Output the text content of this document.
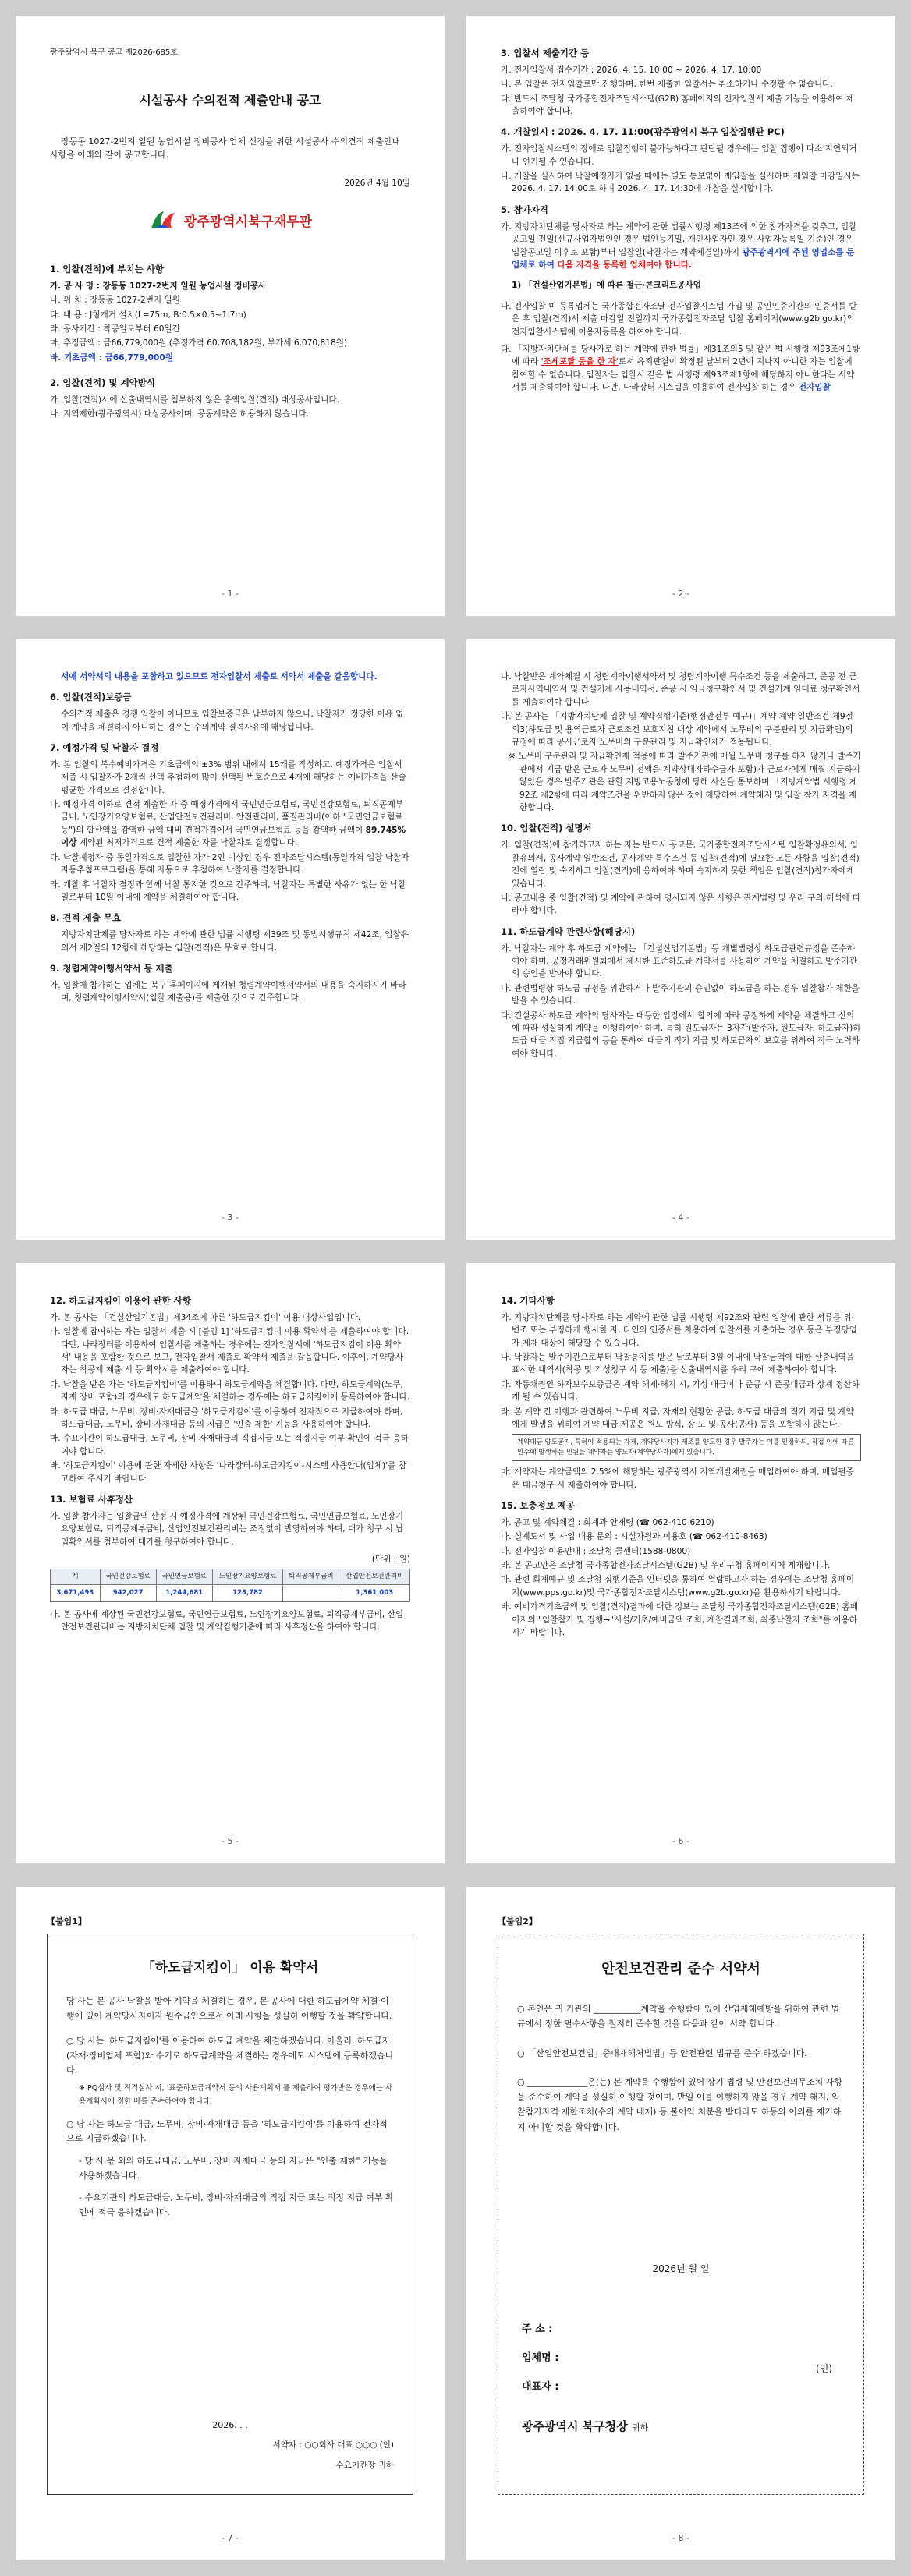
광주광역시 북구 공고 제2026-685호
시설공사 수의견적 제출안내 공고
장등동 1027-2번지 일원 농업시설 정비공사 업체 선정을 위한 시설공사 수의견적 제출안내 사항을 아래와 같이 공고합니다.
2026년 4월 10일
광주광역시북구재무관
1. 입찰(견적)에 부치는 사항
가. 공 사 명 : 장등동 1027-2번지 일원 농업시설 정비공사
나. 위 치 : 장등동 1027-2번지 일원
다. 내 용 : J형개거 설치(L=75m, B:0.5×0.5~1.7m)
라. 공사기간 : 착공일로부터 60일간
마. 추정금액 : 금66,779,000원 (추정가격 60,708,182원, 부가세 6,070,818원)
바. 기초금액 : 금66,779,000원
2. 입찰(견적) 및 계약방식
가. 입찰(견적)서에 산출내역서를 첨부하지 않은 총액입찰(견적) 대상공사입니다.
나. 지역제한(광주광역시) 대상공사이며, 공동계약은 허용하지 않습니다.
- 1 -
3. 입찰서 제출기간 등
가. 전자입찰서 접수기간 : 2026. 4. 15. 10:00 ~ 2026. 4. 17. 10:00
나. 본 입찰은 전자입찰로만 진행하며, 한번 제출한 입찰서는 취소하거나 수정할 수 없습니다.
다. 반드시 조달청 국가종합전자조달시스템(G2B) 홈페이지의 전자입찰서 제출 기능을 이용하여 제출하여야 합니다.
4. 개찰일시 : 2026. 4. 17. 11:00(광주광역시 북구 입찰집행관 PC)
가. 전자입찰시스템의 장애로 입찰집행이 불가능하다고 판단될 경우에는 입찰 집행이 다소 지연되거나 연기될 수 있습니다.
나. 개찰을 실시하여 낙찰예정자가 없을 때에는 별도 통보없이 재입찰을 실시하며 재입찰 마감일시는 2026. 4. 17. 14:00로 하며 2026. 4. 17. 14:30에 개찰을 실시합니다.
5. 참가자격
가. 지방자치단체를 당사자로 하는 계약에 관한 법률시행령 제13조에 의한 참가자격을 갖추고, 입찰공고일 전일(신규사업자법인인 경우 법인등기일, 개인사업자인 경우 사업자등록일 기준)인 경우 입찰공고일 이후로 포함)부터 입찰일(낙찰자는 계약체결일)까지 광주광역시에 주된 영업소를 둔 업체로 하여 다음 자격을 등록한 업체여야 합니다.
1) 「건설산업기본법」에 따른 철근·콘크리트공사업
나. 전자입찰 미 등록업체는 국가종합전자조달 전자입찰시스템 가입 및 공인인증기관의 인증서를 받은 후 입찰(견적)서 제출 마감일 전일까지 국가종합전자조달 입찰 홈페이지(www.g2b.go.kr)의 전자입찰시스템에 이용자등록을 하여야 합니다.
다. 「지방자치단체를 당사자로 하는 계약에 관한 법률」제31조의5 및 같은 법 시행령 제93조제1항에 따라 '조세포탈 등을 한 자'로서 유죄판결이 확정된 날부터 2년이 지나지 아니한 자는 입찰에 참여할 수 없습니다. 입찰자는 입찰시 같은 법 시행령 제93조제1항에 해당하지 아니한다는 서약서를 제출하여야 합니다. 다만, 나라장터 시스템을 이용하여 전자입찰 하는 경우 전자입찰
- 2 -
서에 서약서의 내용을 포함하고 있으므로 전자입찰서 제출로 서약서 제출을 갈음합니다.
6. 입찰(견적)보증금
수의견적 제출은 경쟁 입찰이 아니므로 입찰보증금은 납부하지 않으나, 낙찰자가 정당한 이유 없이 계약을 체결하지 아니하는 경우는 수의계약 결격사유에 해당됩니다.
7. 예정가격 및 낙찰자 결정
가. 본 입찰의 복수예비가격은 기초금액의 ±3% 범위 내에서 15개를 작성하고, 예정가격은 입찰서 제출 시 입찰자가 2개씩 선택 추첨하여 많이 선택된 번호순으로 4개에 해당하는 예비가격을 산술평균한 가격으로 결정합니다.
나. 예정가격 이하로 견적 제출한 자 중 예정가격에서 국민연금보험료, 국민건강보험료, 퇴직공제부금비, 노인장기요양보험료, 산업안전보건관리비, 안전관리비, 품질관리비(이하 "국민연금보험료 등")의 합산액을 감액한 금액 대비 견적가격에서 국민연금보험료 등을 감액한 금액이 89.745%이상 계약된 최저가격으로 견적 제출한 자를 낙찰자로 결정합니다.
다. 낙찰예정자 중 동일가격으로 입찰한 자가 2인 이상인 경우 전자조달시스템(동일가격 입찰 낙찰자 자동추첨프로그램)을 통해 자동으로 추첨하여 낙찰자를 결정합니다.
라. 개찰 후 낙찰자 결정과 함께 낙찰 통지한 것으로 간주하며, 낙찰자는 특별한 사유가 없는 한 낙찰일로부터 10일 이내에 계약을 체결하여야 합니다.
8. 견적 제출 무효
지방자치단체를 당사자로 하는 계약에 관한 법률 시행령 제39조 및 동법시행규칙 제42조, 입찰유의서 제2절의 12항에 해당하는 입찰(견적)은 무효로 합니다.
9. 청렴계약이행서약서 등 제출
가. 입찰에 참가하는 업체는 북구 홈페이지에 게재된 청렴계약이행서약서의 내용을 숙지하시기 바라며, 청렴계약이행서약서(입찰 제출용)를 제출한 것으로 간주합니다.
- 3 -
나. 낙찰받은 계약체결 시 청렴계약이행서약서 및 청렴계약이행 특수조건 등을 제출하고, 준공 전 근로자사역내역서 및 건설기계 사용내역서, 준공 시 임금청구확인서 및 건설기계 임대료 청구확인서를 제출하여야 합니다.
다. 본 공사는 「지방자치단체 입찰 및 계약집행기준(행정안전부 예규)」계약 계약 일반조건 제9절의3(하도급 및 용역근로자 근로조건 보호지침 대상 계약에서 노무비의 구분관리 및 지급확인)의 규정에 따라 공사근로자 노무비의 구분관리 및 지급확인제가 적용됩니다.
※ 노무비 구분관리 및 지급확인제 적용에 따라 발주기관에 매월 노무비 청구를 하지 않거나 발주기관에서 지급 받은 근로자 노무비 전액을 계약상대자하수급자 포함)가 근로자에게 매월 지급하지 않았을 경우 발주기관은 관할 지방고용노동청에 당해 사실을 통보하며 「지방계약법 시행령 제92조 제2항에 따라 계약조건을 위반하지 않은 것에 해당하여 계약해지 및 입찰 참가 자격을 제한합니다.
10. 입찰(견적) 설명서
가. 입찰(견적)에 참가하고자 하는 자는 반드시 공고문, 국가종합전자조달시스템 입찰확정유의서, 입찰유의서, 공사계약 일반조건, 공사계약 특수조건 등 입찰(견적)에 필요한 모든 사항을 입찰(견적)전에 열람 및 숙지하고 입찰(견적)에 응하여야 하며 숙지하지 못한 책임은 입찰(견적)참가자에게 있습니다.
나. 공고내용 중 입찰(견적) 및 계약에 관하여 명시되지 않은 사항은 관계법령 및 우리 구의 해석에 따라야 합니다.
11. 하도급계약 관련사항(해당시)
가. 낙찰자는 계약 후 하도급 계약에는 「건설산업기본법」등 개별법령상 하도급관련규정을 준수하여야 하며, 공정거래위원회에서 제시한 표준하도급 계약서를 사용하여 계약을 체결하고 발주기관의 승인을 받아야 합니다.
나. 관련법령상 하도급 규정을 위반하거나 발주기관의 승인없이 하도급을 하는 경우 입찰참가 제한을 받을 수 있습니다.
다. 건설공사 하도급 계약의 당사자는 대등한 입장에서 합의에 따라 공정하게 계약을 체결하고 신의에 따라 성실하게 계약을 이행하여야 하며, 특히 원도급자는 3자간(발주자, 원도급자, 하도급자)하도급 대금 직접 지급합의 등을 통하여 대금의 적기 지급 및 하도급자의 보호를 위하여 적극 노력하여야 합니다.
- 4 -
12. 하도급지킴이 이용에 관한 사항
가. 본 공사는 「건설산업기본법」제34조에 따른 '하도급지킴이' 이용 대상사업입니다.
나. 입찰에 참여하는 자는 입찰서 제출 시 [붙임 1] '하도급지킴이 이용 확약서'를 제출하여야 합니다. 다만, 나라장터를 이용하여 입찰서를 제출하는 경우에는 전자입찰서에 '하도급지킴이 이용 확약서' 내용을 포함한 것으로 보고, 전자입찰서 제출로 확약서 제출을 갈음합니다. 이후에, 계약당사자는 착공계 제출 시 등 확약서를 제출하여야 합니다.
다. 낙찰을 받은 자는 '하도급지킴이'를 이용하여 하도급계약을 체결합니다. 다만, 하도급계약(노무, 자재 장비 포함)의 경우에도 하도급계약을 체결하는 경우에는 하도급지킴이에 등록하여야 합니다.
라. 하도급 대금, 노무비, 장비·자재대금을 '하도급지킴이'를 이용하여 전자적으로 지급하여야 하며, 하도급대금, 노무비, 장비·자재대금 등의 지급은 '인출 제한' 기능을 사용하여야 합니다.
마. 수요기관이 하도급대금, 노무비, 장비·자재대금의 직접지급 또는 적정지급 여부 확인에 적극 응하여야 합니다.
바. '하도급지킴이' 이용에 관한 자세한 사항은 '나라장터-하도급지킴이-시스템 사용안내(업체)'를 참고하여 주시기 바랍니다.
13. 보험료 사후정산
가. 입찰 참가자는 입찰금액 산정 시 예정가격에 계상된 국민건강보험료, 국민연금보험료, 노인장기요양보험료, 퇴직공제부금비, 산업안전보건관리비는 조정없이 반영하여야 하며, 대가 청구 시 납입확인서를 첨부하여 대가를 청구하여야 합니다.
(단위 : 원)
계	국민건강보험료	국민연금보험료	노인장기요양보험료	퇴직공제부금비	산업안전보건관리비
3,671,493	942,027	1,244,681	123,782		1,361,003
나. 본 공사에 계상된 국민건강보험료, 국민연금보험료, 노인장기요양보험료, 퇴직공제부금비, 산업안전보건관리비는 지방자치단체 입찰 및 계약집행기준에 따라 사후정산을 하여야 합니다.
- 5 -
14. 기타사항
가. 지방자치단체를 당사자로 하는 계약에 관한 법률 시행령 제92조와 관련 입찰에 관한 서류를 위·변조 또는 부정하게 행사한 자, 타인의 인증서를 차용하여 입찰서를 제출하는 경우 등은 부정당업자 제재 대상에 해당할 수 있습니다.
나. 낙찰자는 발주기관으로부터 낙찰통지를 받은 날로부터 3일 이내에 낙찰금액에 대한 산출내역을 표시한 내역서(착공 및 기성청구 시 등 제출)를 산출내역서를 우리 구에 제출하여야 합니다.
다. 자동채권인 하자보수보증금은 계약 해제·해지 시, 기성 대금이나 준공 시 준공대금과 상계 정산하게 될 수 있습니다.
라. 본 계약 건 이행과 관련하여 노무비 지급, 자재의 현황한 공급, 하도급 대금의 적기 지급 및 계약에게 발생을 위하여 계약 대금 제공은 원도 방식, 장·도 및 공사(공사) 등을 포함하지 않는다.
계약대금 양도공지, 특허이 적용되는 자재, 계약당사자가 제조를 양도한 경우 발주자는 이를 인정하되, 직접 이에 따른 인수에 발생하는 민원을 계약자는 양도자(계약당사자)에게 있습니다.
마. 계약자는 계약금액의 2.5%에 해당하는 광주광역시 지역개발채권을 매입하여야 하며, 매입필증은 대금청구 시 제출하여야 합니다.
15. 보충정보 제공
가. 공고 및 계약체결 : 회계과 안재령 (☎ 062-410-6210)
나. 설계도서 및 사업 내용 문의 : 시설자원과 이용호 (☎ 062-410-8463)
다. 전자입찰 이용안내 : 조달청 콜센터(1588-0800)
라. 본 공고안은 조달청 국가종합전자조달시스템(G2B) 및 우리구청 홈페이지에 게재합니다.
마. 관련 회계예규 및 조달청 집행기준을 인터넷을 통하여 열람하고자 하는 경우에는 조달청 홈페이지(www.pps.go.kr)및 국가종합전자조달시스템(www.g2b.go.kr)을 활용하시기 바랍니다.
바. 예비가격기초금액 및 입찰(견적)결과에 대한 정보는 조달청 국가종합전자조달시스템(G2B) 홈페이지의 "입찰참가 및 집행→"시설/기초/예비금액 조회, 개찰결과조회, 최종낙찰자 조회"를 이용하시기 바랍니다.
- 6 -
【붙임1】
「하도급지킴이」 이용 확약서
당 사는 본 공사 낙찰을 받아 계약을 체결하는 경우, 본 공사에 대한 하도급계약 체결·이행에 있어 계약당사자이자 원수급인으로서 아래 사항을 성실히 이행할 것을 확약합니다.
○ 당 사는 '하도급지킴이'를 이용하여 하도급 계약을 체결하겠습니다. 아울러, 하도급자(자재·장비업체 포함)와 수기로 하도급계약을 체결하는 경우에도 시스템에 등록하겠습니다.
※ PQ심사 및 적격심사 시, '표준하도급계약서 등의 사용계획서'를 제출하여 평가받은 경우에는 사용계획서에 정한 바를 준수하여야 합니다.
○ 당 사는 하도급 대금, 노무비, 장비·자재대금 등을 '하도급지킴이'를 이용하여 전자적으로 지급하겠습니다.
- 당 사 몫 외의 하도급대금, 노무비, 장비·자재대금 등의 지급은 "인출 제한" 기능을 사용하겠습니다.
- 수요기관의 하도급대금, 노무비, 장비·자재대금의 직접 지급 또는 적정 지급 여부 확인에 적극 응하겠습니다.
2026. . .
서약자 : ○○회사 대표 ○○○ (인)
수요기관장 귀하
- 7 -
【붙임2】
안전보건관리 준수 서약서
○ 본인은 귀 기관의 ___________계약을 수행함에 있어 산업재해예방을 위하여 관련 법규에서 정한 필수사항을 철저히 준수할 것을 다음과 같이 서약 합니다.
○ 「산업안전보건법」중대재해처벌법」등 안전관련 법규를 준수 하겠습니다.
○ ______________은(는) 본 계약을 수행함에 있어 상기 법령 및 안전보건의무조치 사항을 준수하여 계약을 성실히 이행할 것이며, 만일 이를 이행하지 않을 경우 계약 해지, 입찰참가자격 제한조치(수의 계약 배제) 등 불이익 처분을 받더라도 하등의 이의를 제기하지 아니할 것을 확약합니다.
2026년 월 일
주 소 :
업체명 :
대표자 :
(인)
광주광역시 북구청장 귀하
- 8 -
